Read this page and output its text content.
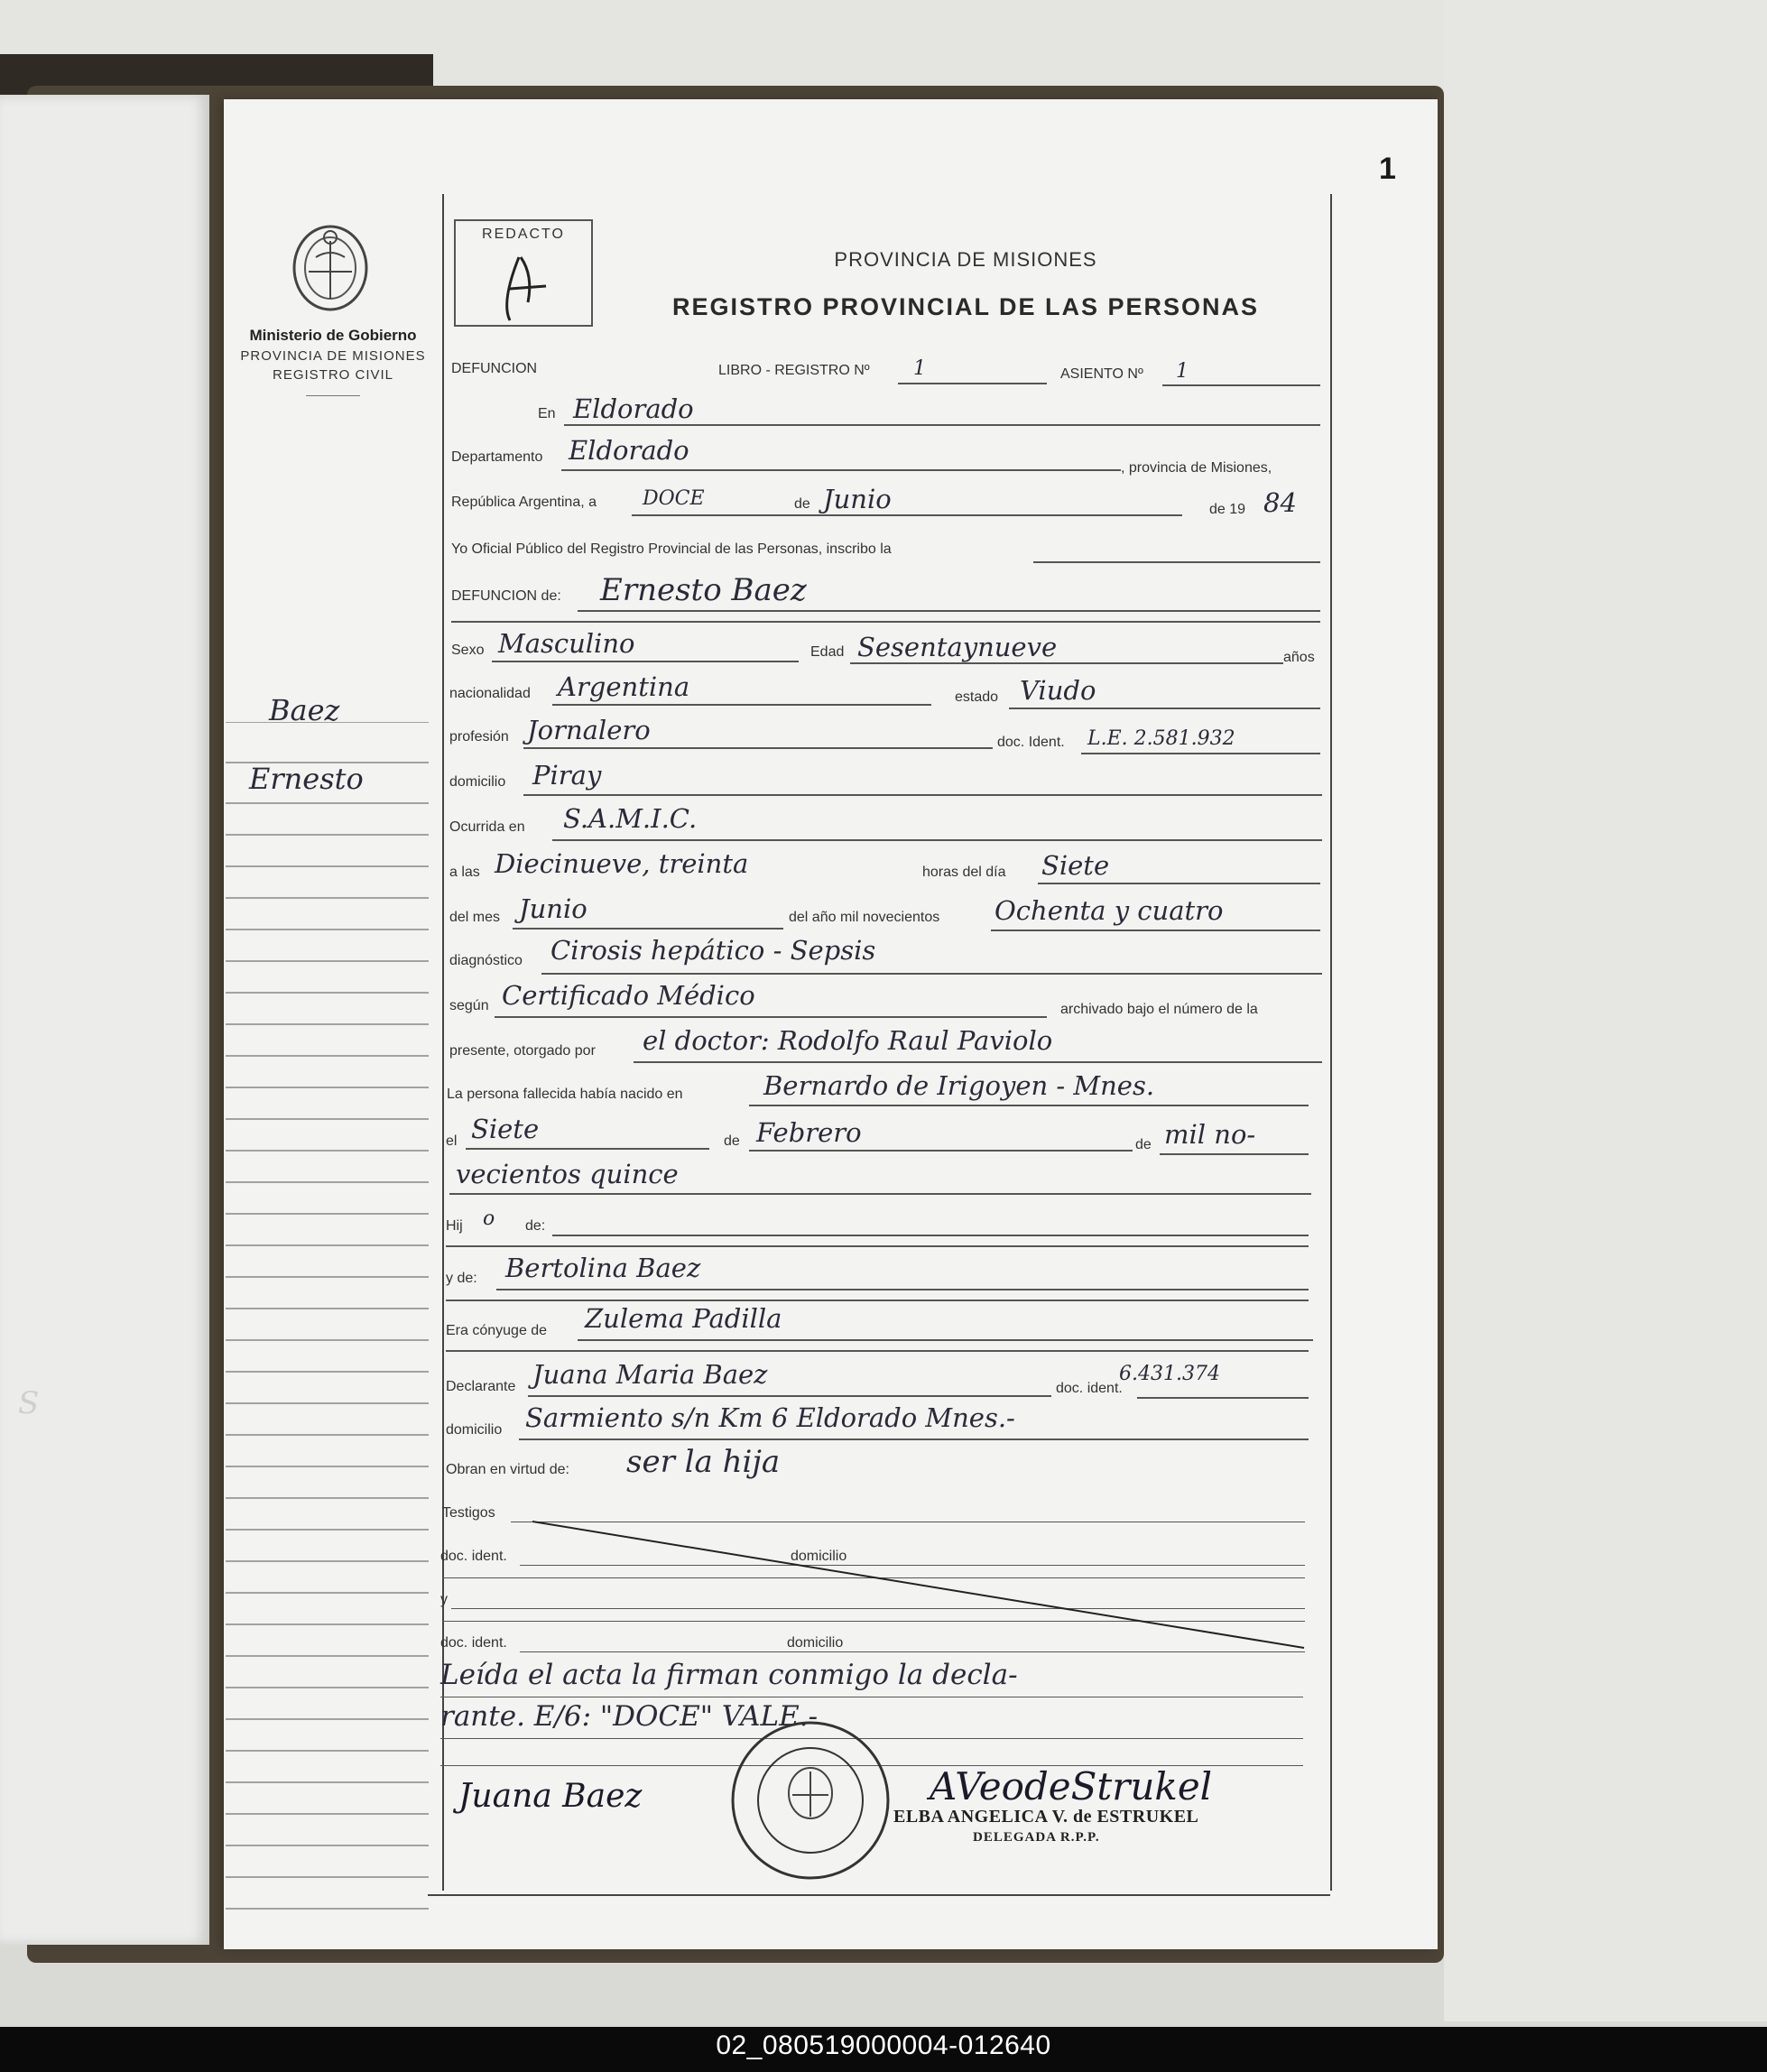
S
1
Ministerio de Gobierno
PROVINCIA DE MISIONES
REGISTRO CIVIL
Baez
Ernesto
REDACTO
PROVINCIA DE MISIONES
REGISTRO PROVINCIAL DE LAS PERSONAS
DEFUNCION	LIBRO - REGISTRO Nº 1	ASIENTO Nº 1
En Eldorado
Departamento Eldorado
, provincia de Misiones,
República Argentina, a DOCE	de Junio	de 19 84
Yo Oficial Público del Registro Provincial de las Personas, inscribo la
DEFUNCION de: Ernesto Baez
Sexo Masculino	Edad Sesentaynueve	años
nacionalidad Argentina	estado Viudo
profesión Jornalero	doc. Ident. L.E. 2.581.932
domicilio Piray
Ocurrida en S.A.M.I.C.
a las Diecinueve, treinta	horas del día Siete
del mes Junio	del año mil novecientos Ochenta y cuatro
diagnóstico Cirosis hepático - Sepsis
según Certificado Médico	archivado bajo el número de la
presente, otorgado por el doctor: Rodolfo Raul Paviolo
La persona fallecida había nacido en	Bernardo de Irigoyen - Mnes.
el Siete	de Febrero	de mil no-
vecientos quince
Hij o de:
y de: Bertolina Baez
Era cónyuge de Zulema Padilla
Declarante Juana Maria Baez	doc. ident.
6.431.374
domicilio Sarmiento s/n Km 6 Eldorado Mnes.-
Obran en virtud de: ser la hija
Testigos
doc. ident.	domicilio
y
doc. ident.	domicilio
Leída el acta la firman conmigo la decla-
rante. E/6: "DOCE" VALE.-
Juana Baez	AVeodeStrukel
ELBA ANGELICA V. de ESTRUKEL
DELEGADA R.P.P.
02_080519000004-012640
